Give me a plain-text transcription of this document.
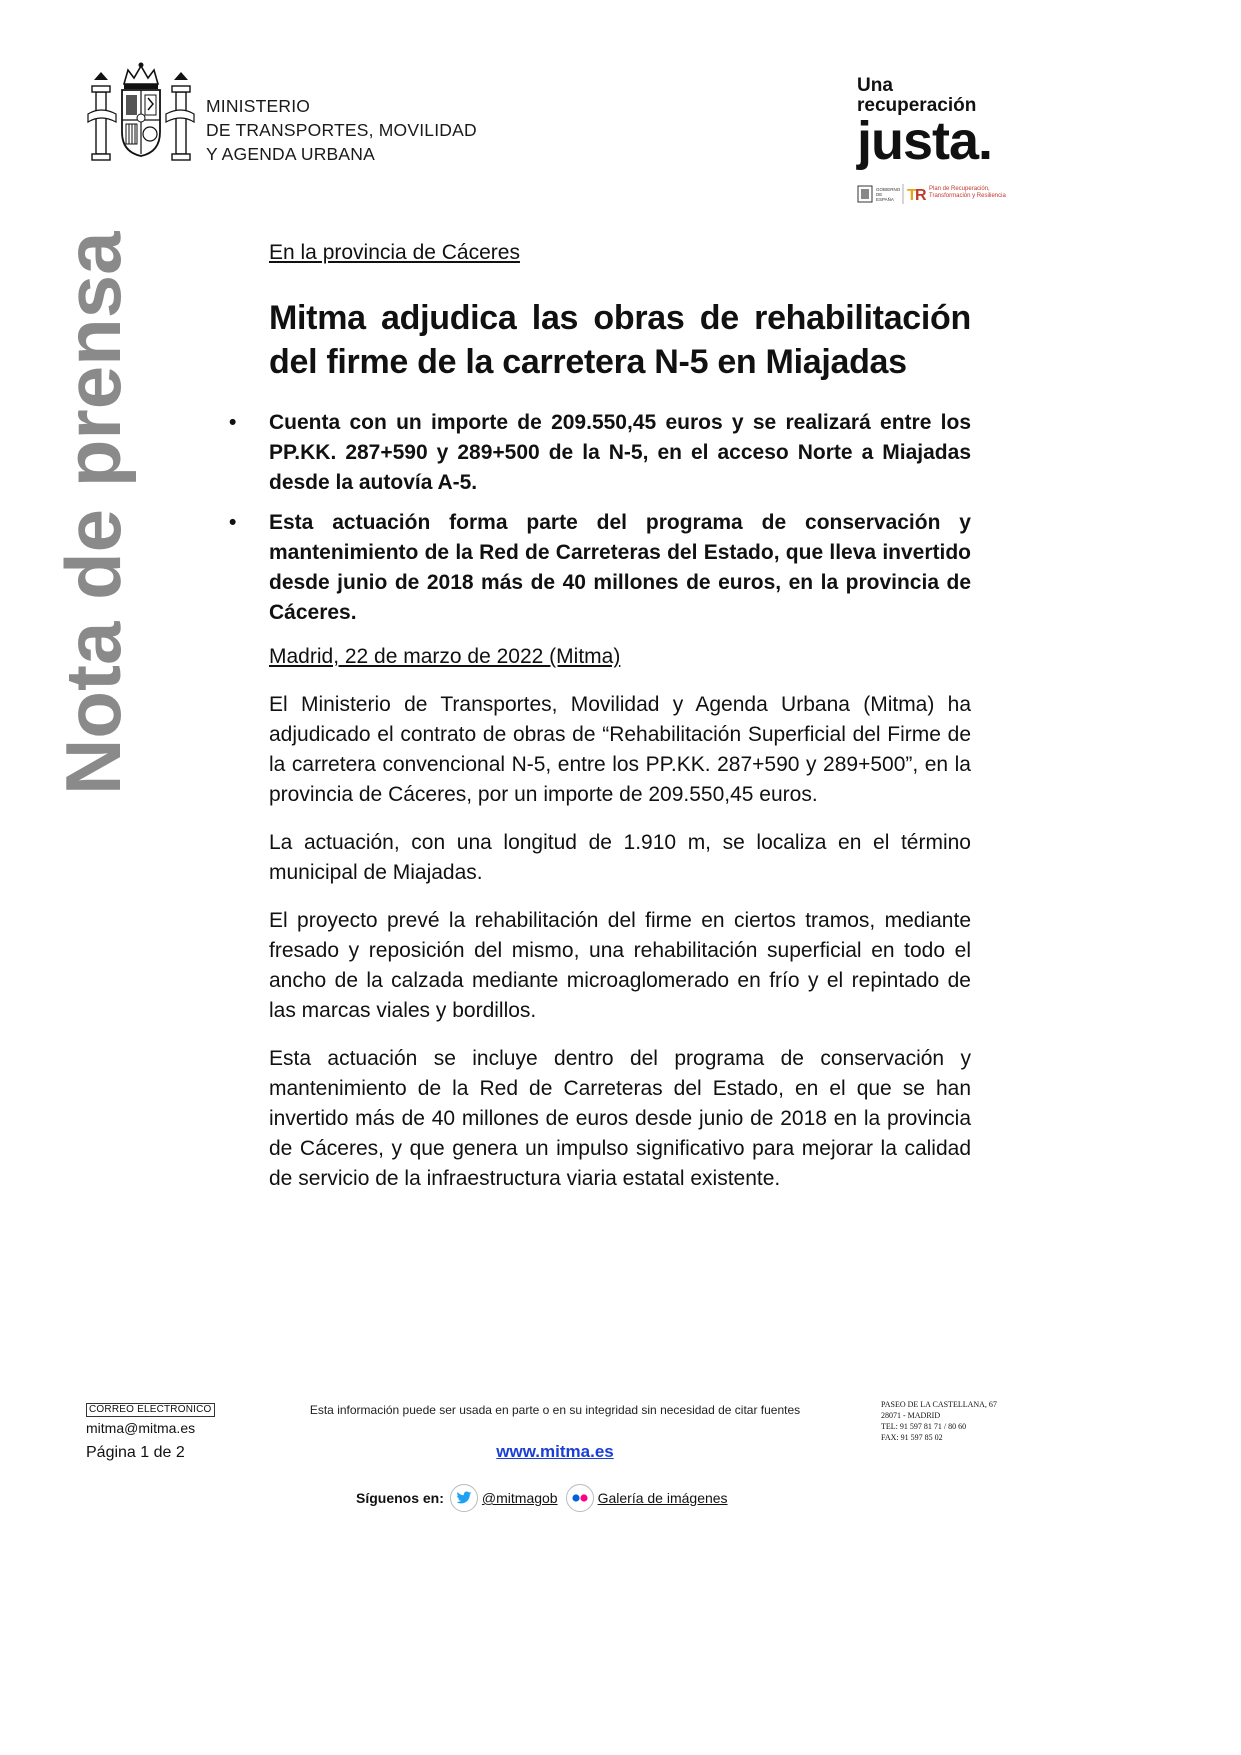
MINISTERIO
DE TRANSPORTES, MOVILIDAD
Y AGENDA URBANA
Una
recuperación
justa.
T
R
GOBIERNO DE ESPAÑA
Plan de Recuperación, Transformación y Resiliencia
Nota de prensa	En la provincia de Cáceres

Mitma adjudica las obras de rehabilitación del firme de la carretera N-5 en Miajadas
• Cuenta con un importe de 209.550,45 euros y se realizará entre los PP.KK. 287+590 y 289+500 de la N-5, en el acceso Norte a Miajadas desde la autovía A-5.
• Esta actuación forma parte del programa de conservación y mantenimiento de la Red de Carreteras del Estado, que lleva invertido desde junio de 2018 más de 40 millones de euros, en la provincia de Cáceres.

Madrid, 22 de marzo de 2022 (Mitma)

El Ministerio de Transportes, Movilidad y Agenda Urbana (Mitma) ha adjudicado el contrato de obras de “Rehabilitación Superficial del Firme de la carretera convencional N-5, entre los PP.KK. 287+590 y 289+500”, en la provincia de Cáceres, por un importe de 209.550,45 euros.

La actuación, con una longitud de 1.910 m, se localiza en el término municipal de Miajadas.

El proyecto prevé la rehabilitación del firme en ciertos tramos, mediante fresado y reposición del mismo, una rehabilitación superficial en todo el ancho de la calzada mediante microaglomerado en frío y el repintado de las marcas viales y bordillos.

Esta actuación se incluye dentro del programa de conservación y mantenimiento de la Red de Carreteras del Estado, en el que se han invertido más de 40 millones de euros desde junio de 2018 en la provincia de Cáceres, y que genera un impulso significativo para mejorar la calidad de servicio de la infraestructura viaria estatal existente.

CORREO ELECTRONICO
mitma@mitma.es
Página 1 de 2
Esta información puede ser usada en parte o en su integridad sin necesidad de citar fuentes	PASEO DE LA CASTELLANA, 67
28071 - MADRID
TEL: 91 597 81 71 / 80 60
FAX: 91 597 85 02
www.mitma.es
Síguenos en:	@mitmagob	Galería de imágenes
